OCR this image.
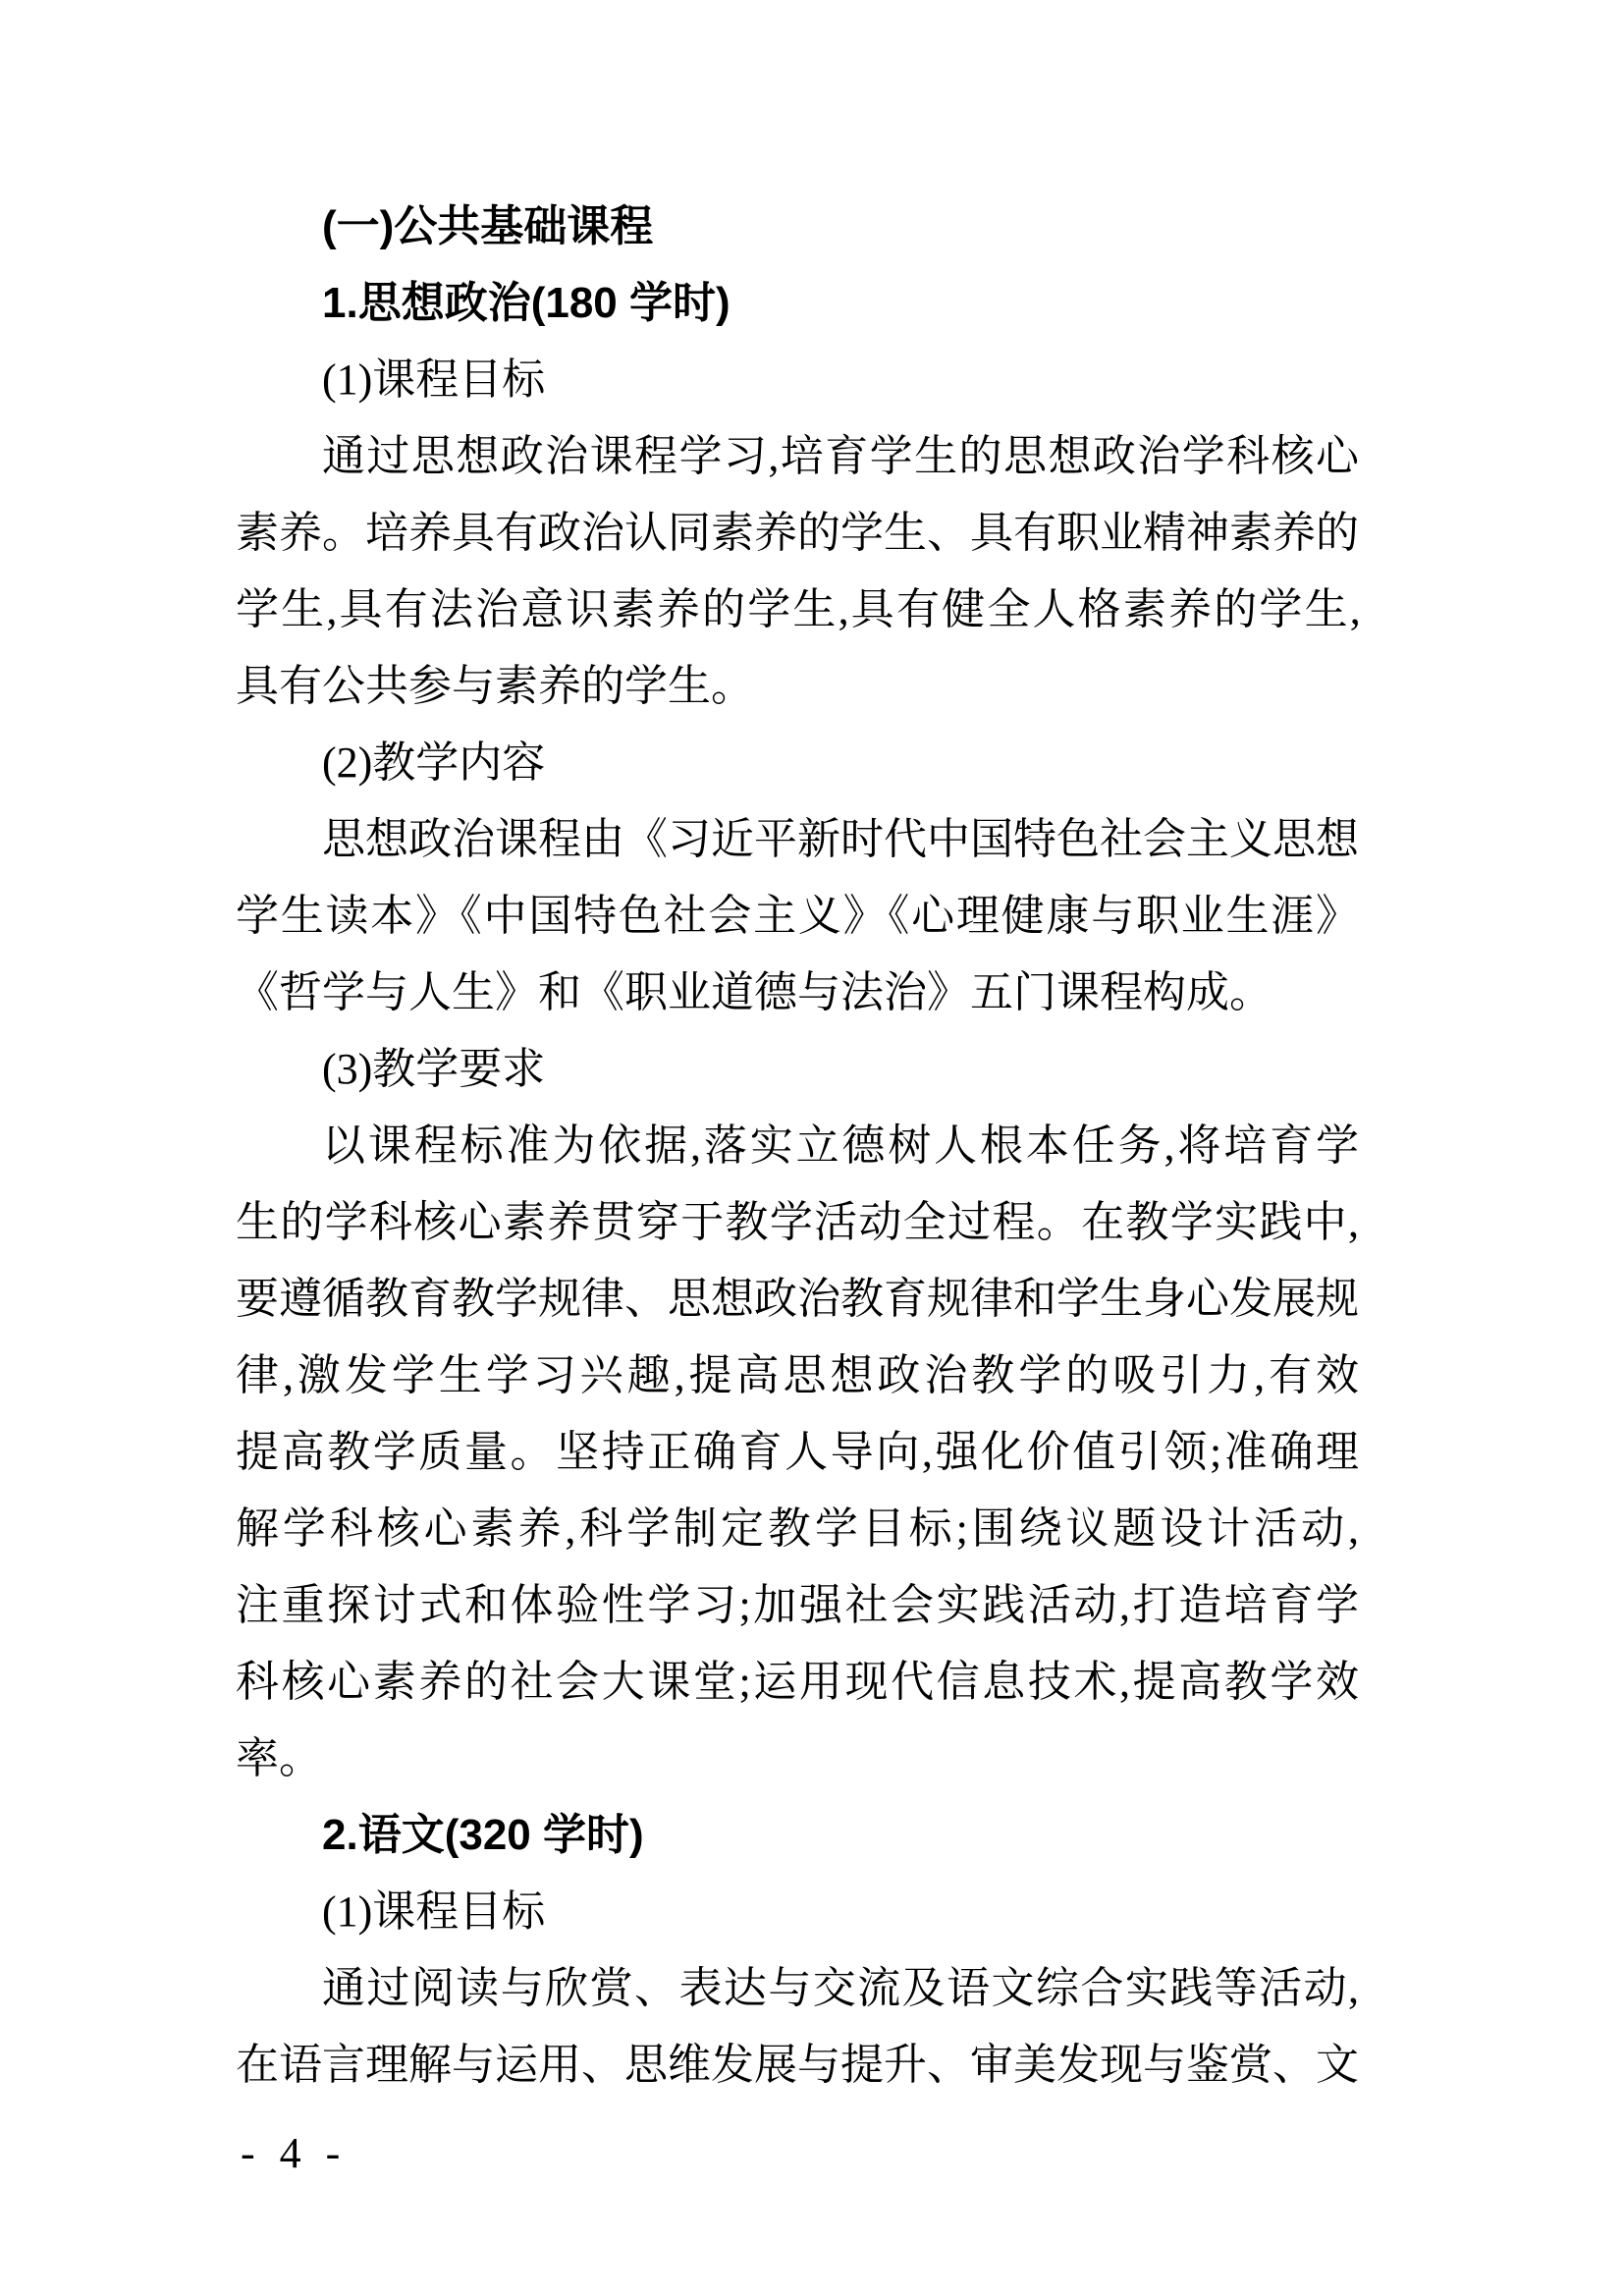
(一)公共基础课程
1.思想政治(180 学时)
(1)课程目标
通过思想政治课程学习,培育学生的思想政治学科核心
素养。培养具有政治认同素养的学生、具有职业精神素养的
学生,具有法治意识素养的学生,具有健全人格素养的学生,
具有公共参与素养的学生。
(2)教学内容
思想政治课程由《习近平新时代中国特色社会主义思想
学生读本》《中国特色社会主义》《心理健康与职业生涯》
《哲学与人生》和《职业道德与法治》五门课程构成。
(3)教学要求
以课程标准为依据,落实立德树人根本任务,将培育学
生的学科核心素养贯穿于教学活动全过程。在教学实践中,
要遵循教育教学规律、思想政治教育规律和学生身心发展规
律,激发学生学习兴趣,提高思想政治教学的吸引力,有效
提高教学质量。坚持正确育人导向,强化价值引领;准确理
解学科核心素养,科学制定教学目标;围绕议题设计活动,
注重探讨式和体验性学习;加强社会实践活动,打造培育学
科核心素养的社会大课堂;运用现代信息技术,提高教学效
率。
2.语文(320 学时)
(1)课程目标
通过阅读与欣赏、表达与交流及语文综合实践等活动,
在语言理解与运用、思维发展与提升、审美发现与鉴赏、文
- 4 -
